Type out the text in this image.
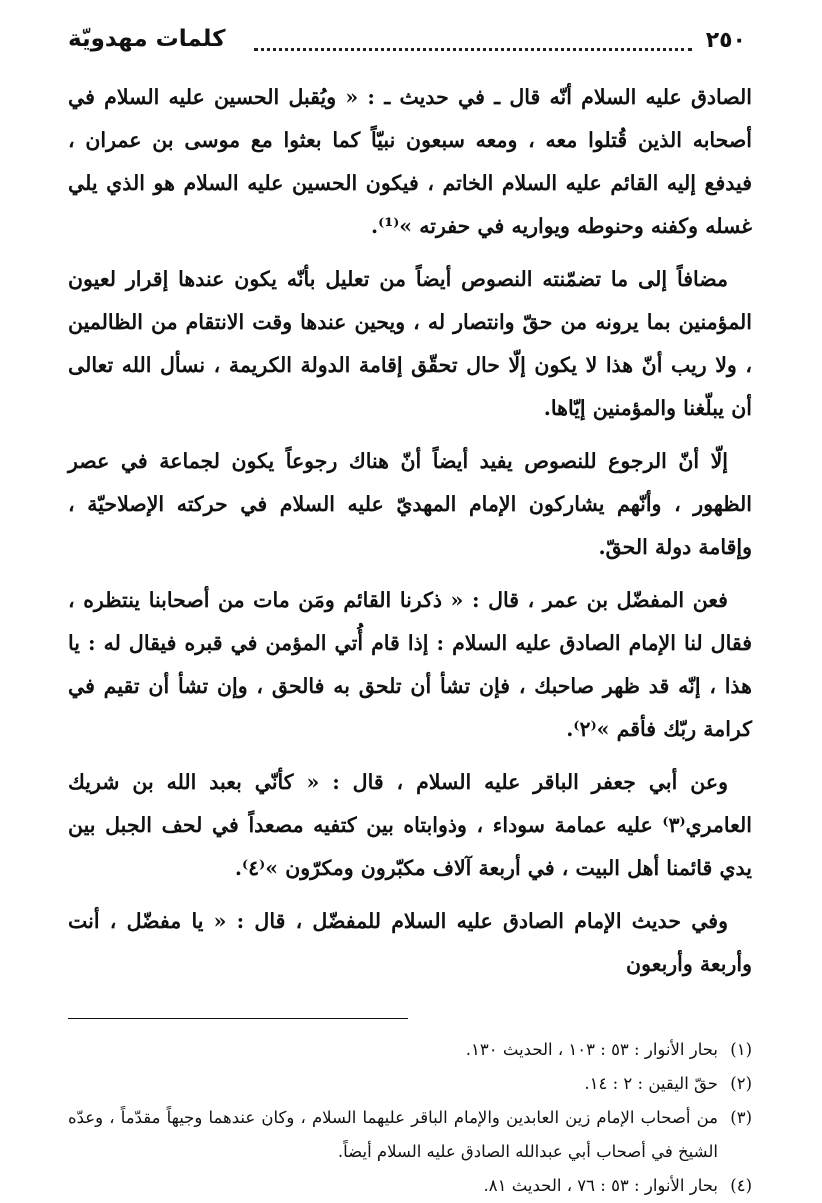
٢٥٠
كلمات مهدويّة

الصادق عليه السلام أنّه قال ـ في حديث ـ : « ويُقبل الحسين عليه السلام في أصحابه الذين قُتلوا معه ، ومعه سبعون نبيّاً كما بعثوا مع موسى بن عمران ، فيدفع إليه القائم عليه السلام الخاتم ، فيكون الحسين عليه السلام هو الذي يلي غسله وكفنه وحنوطه ويواريه في حفرته »⁽¹⁾.

مضافاً إلى ما تضمّنته النصوص أيضاً من تعليل بأنّه يكون عندها إقرار لعيون المؤمنين بما يرونه من حقّ وانتصار له ، ويحين عندها وقت الانتقام من الظالمين ، ولا ريب أنّ هذا لا يكون إلّا حال تحقّق إقامة الدولة الكريمة ، نسأل الله تعالى أن يبلّغنا والمؤمنين إيّاها.

إلّا أنّ الرجوع للنصوص يفيد أيضاً أنّ هناك رجوعاً يكون لجماعة في عصر الظهور ، وأنّهم يشاركون الإمام المهديّ عليه السلام في حركته الإصلاحيّة ، وإقامة دولة الحقّ.

فعن المفضّل بن عمر ، قال : « ذكرنا القائم ومَن مات من أصحابنا ينتظره ، فقال لنا الإمام الصادق عليه السلام : إذا قام أُتي المؤمن في قبره فيقال له : يا هذا ، إنّه قد ظهر صاحبك ، فإن تشأ أن تلحق به فالحق ، وإن تشأ أن تقيم في كرامة ربّك فأقم »⁽٢⁾.

وعن أبي جعفر الباقر عليه السلام ، قال : « كأنّي بعبد الله بن شريك العامري⁽٣⁾ عليه عمامة سوداء ، وذوابتاه بين كتفيه مصعداً في لحف الجبل بين يدي قائمنا أهل البيت ، في أربعة آلاف مكبّرون ومكرّون »⁽٤⁾.

وفي حديث الإمام الصادق عليه السلام للمفضّل ، قال : « يا مفضّل ، أنت وأربعة وأربعون

(١)
بحار الأنوار : ٥٣ : ١٠٣ ، الحديث ١٣٠.
(٢)
حقّ اليقين : ٢ : ١٤.
(٣)
من أصحاب الإمام زين العابدين والإمام الباقر عليهما السلام ، وكان عندهما وجيهاً مقدّماً ، وعدّه الشيخ في أصحاب أبي عبدالله الصادق عليه السلام أيضاً.
(٤)
بحار الأنوار : ٥٣ : ٧٦ ، الحديث ٨١.
